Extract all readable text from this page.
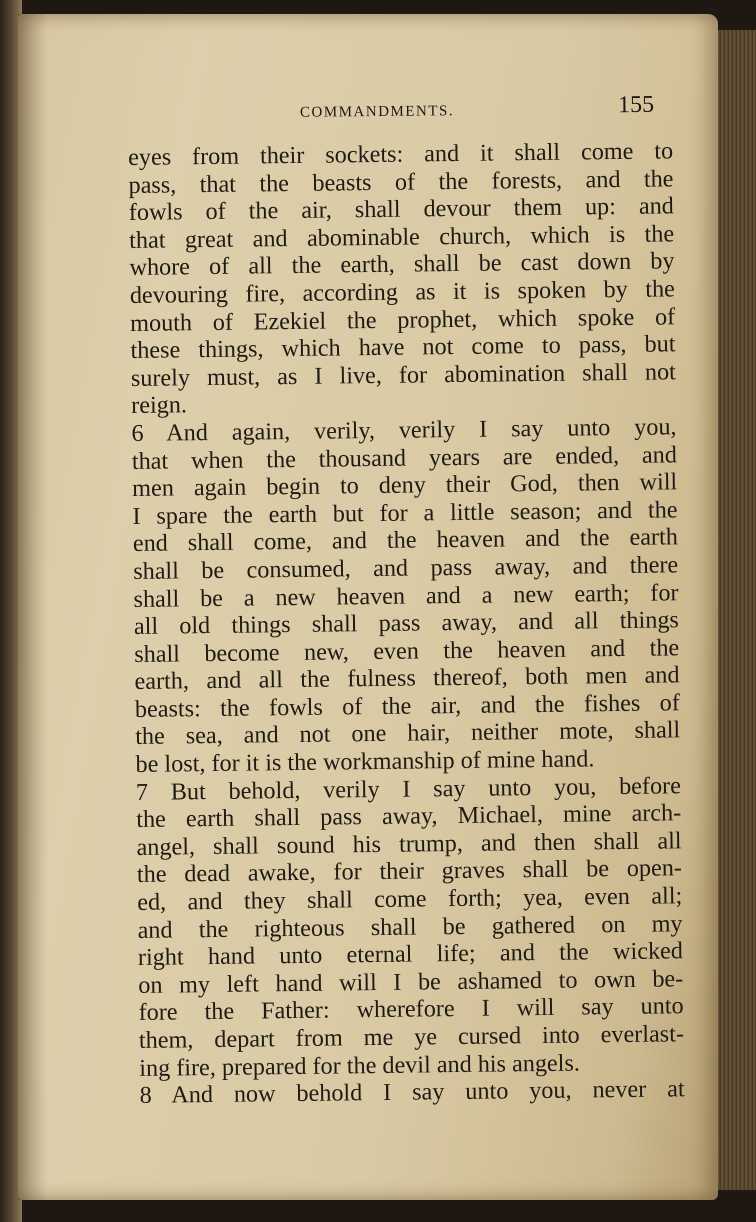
COMMANDMENTS.	155
eyes from their sockets: and it shall come to
pass, that the beasts of the forests, and the
fowls of the air, shall devour them up: and
that great and abominable church, which is the
whore of all the earth, shall be cast down by
devouring fire, according as it is spoken by the
mouth of Ezekiel the prophet, which spoke of
these things, which have not come to pass, but
surely must, as I live, for abomination shall not
reign.
6 And again, verily, verily I say unto you,
that when the thousand years are ended, and
men again begin to deny their God, then will
I spare the earth but for a little season; and the
end shall come, and the heaven and the earth
shall be consumed, and pass away, and there
shall be a new heaven and a new earth; for
all old things shall pass away, and all things
shall become new, even the heaven and the
earth, and all the fulness thereof, both men and
beasts: the fowls of the air, and the fishes of
the sea, and not one hair, neither mote, shall
be lost, for it is the workmanship of mine hand.
7 But behold, verily I say unto you, before
the earth shall pass away, Michael, mine arch-
angel, shall sound his trump, and then shall all
the dead awake, for their graves shall be open-
ed, and they shall come forth; yea, even all;
and the righteous shall be gathered on my
right hand unto eternal life; and the wicked
on my left hand will I be ashamed to own be-
fore the Father: wherefore I will say unto
them, depart from me ye cursed into everlast-
ing fire, prepared for the devil and his angels.
8 And now behold I say unto you, never at
